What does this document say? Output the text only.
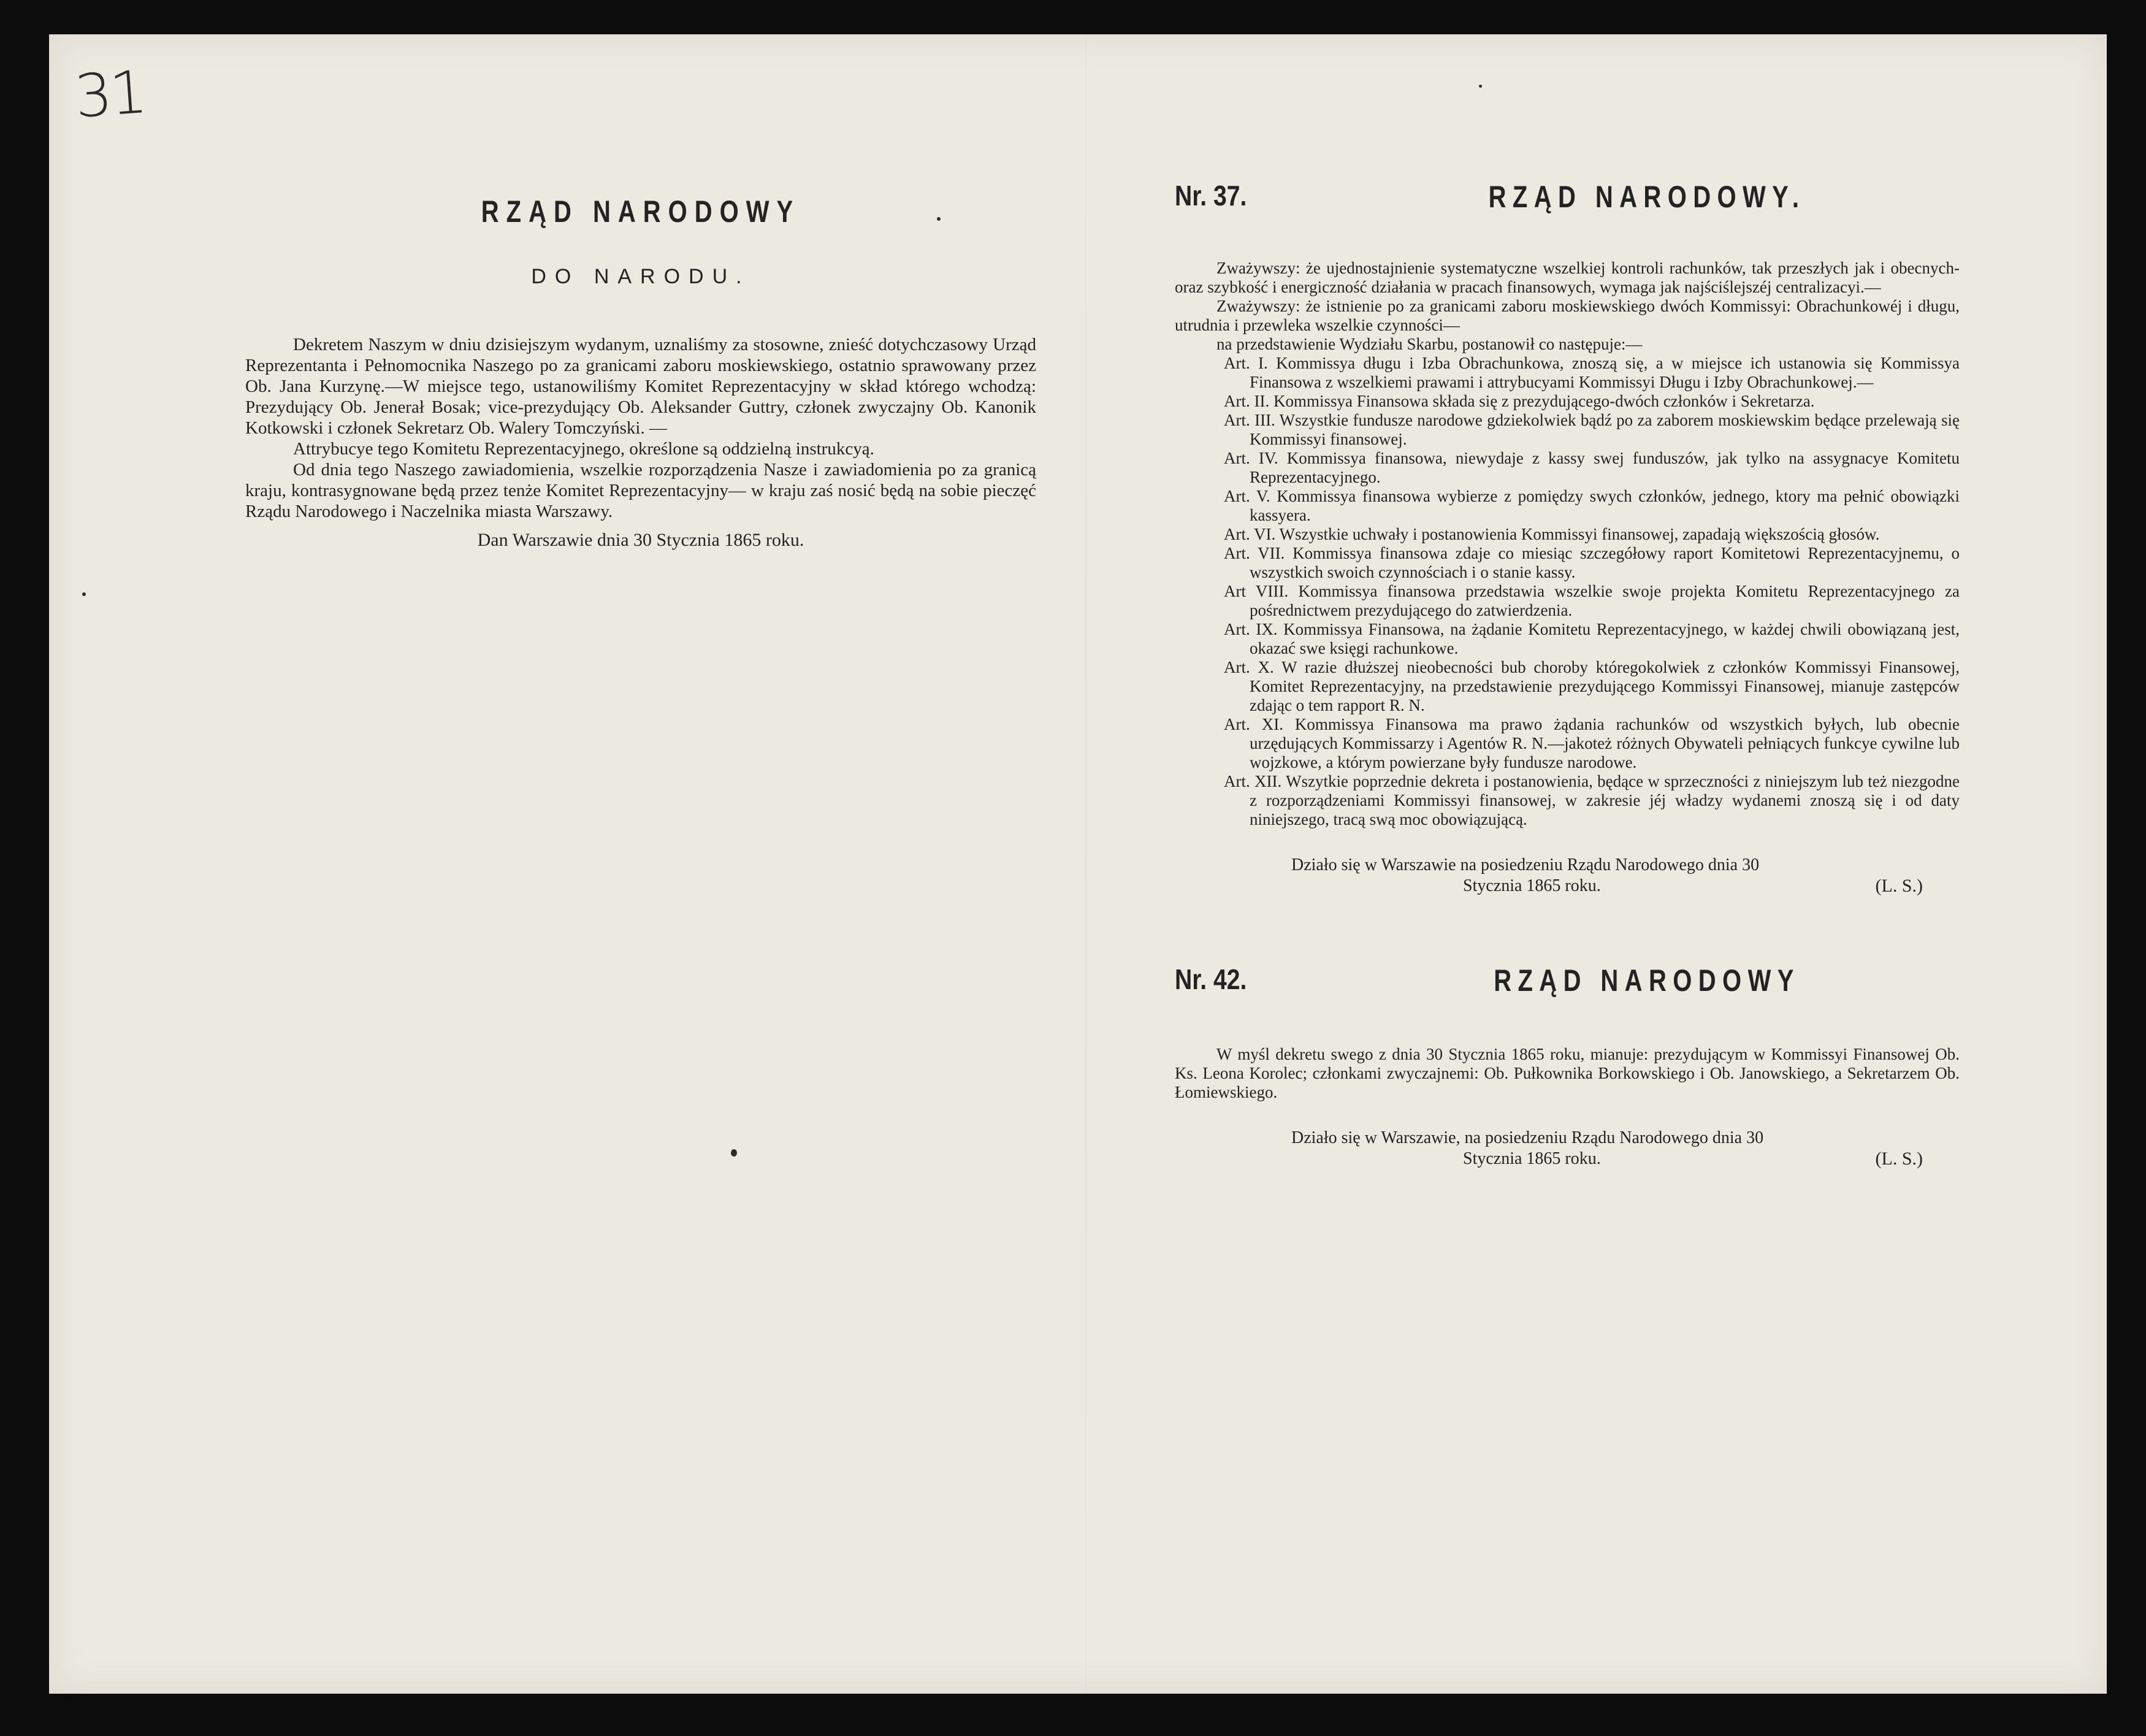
31
RZĄD NARODOWY
DO NARODU.

Dekretem Naszym w dniu dzisiejszym wydanym, uznaliśmy za stosowne, znieść dotychczasowy Urząd Reprezentanta i Pełnomocnika Naszego po za granicami zaboru moskiewskiego, ostatnio sprawowany przez Ob. Jana Kurzynę.—W miejsce tego, ustanowiliśmy Komitet Reprezentacyjny w skład którego wchodzą: Prezydujący Ob. Jenerał Bosak; vice-prezydujący Ob. Aleksander Guttry, członek zwyczajny Ob. Kanonik Kotkowski i członek Sekretarz Ob. Walery Tomczyński. —

Attrybucye tego Komitetu Reprezentacyjnego, określone są oddzielną instrukcyą.

Od dnia tego Naszego zawiadomienia, wszelkie rozporządzenia Nasze i zawiadomienia po za granicą kraju, kontrasygnowane będą przez tenże Komitet Reprezentacyjny— w kraju zaś nosić będą na sobie pieczęć Rządu Narodowego i Naczelnika miasta Warszawy.

Dan Warszawie dnia 30 Stycznia 1865 roku.

Nr. 37.	RZĄD NARODOWY.

Zważywszy: że ujednostajnienie systematyczne wszelkiej kontroli rachunków, tak przeszłych jak i obecnych-oraz szybkość i energiczność działania w pracach finansowych, wymaga jak najściślejszéj centralizacyi.—

Zważywszy: że istnienie po za granicami zaboru moskiewskiego dwóch Kommissyi: Obrachunkowéj i długu, utrudnia i przewleka wszelkie czynności—

na przedstawienie Wydziału Skarbu, postanowił co następuje:—

Art. I. Kommissya długu i Izba Obrachunkowa, znoszą się, a w miejsce ich ustanowia się Kommissya Finansowa z wszelkiemi prawami i attrybucyami Kommissyi Długu i Izby Obrachunkowej.—

Art. II. Kommissya Finansowa składa się z prezydującego-dwóch członków i Sekretarza.

Art. III. Wszystkie fundusze narodowe gdziekolwiek bądź po za zaborem moskiewskim będące przelewają się Kommissyi finansowej.

Art. IV. Kommissya finansowa, niewydaje z kassy swej funduszów, jak tylko na assygnacye Komitetu Reprezentacyjnego.

Art. V. Kommissya finansowa wybierze z pomiędzy swych członków, jednego, ktory ma pełnić obowiązki kassyera.

Art. VI. Wszystkie uchwały i postanowienia Kommissyi finansowej, zapadają większością głosów.

Art. VII. Kommissya finansowa zdaje co miesiąc szczegółowy raport Komitetowi Reprezentacyjnemu, o wszystkich swoich czynnościach i o stanie kassy.

Art VIII. Kommissya finansowa przedstawia wszelkie swoje projekta Komitetu Reprezentacyjnego za pośrednictwem prezydującego do zatwierdzenia.

Art. IX. Kommissya Finansowa, na żądanie Komitetu Reprezentacyjnego, w każdej chwili obowiązaną jest, okazać swe księgi rachunkowe.

Art. X. W razie dłuższej nieobecności bub choroby któregokolwiek z członków Kommissyi Finansowej, Komitet Reprezentacyjny, na przedstawienie prezydującego Kommissyi Finansowej, mianuje zastępców zdając o tem rapport R. N.

Art. XI. Kommissya Finansowa ma prawo żądania rachunków od wszystkich byłych, lub obecnie urzędujących Kommissarzy i Agentów R. N.—jakoteż różnych Obywateli pełniących funkcye cywilne lub wojzkowe, a którym powierzane były fundusze narodowe.

Art. XII. Wszytkie poprzednie dekreta i postanowienia, będące w sprzeczności z niniejszym lub też niezgodne z rozporządzeniami Kommissyi finansowej, w zakresie jéj władzy wydanemi znoszą się i od daty niniejszego, tracą swą moc obowiązującą.

Działo się w Warszawie na posiedzeniu Rządu Narodowego dnia 30
Stycznia 1865 roku.	(L. S.)
Nr. 42.	RZĄD NARODOWY

W myśl dekretu swego z dnia 30 Stycznia 1865 roku, mianuje: prezydującym w Kommissyi Finansowej Ob. Ks. Leona Korolec; członkami zwyczajnemi: Ob. Pułkownika Borkowskiego i Ob. Janowskiego, a Sekretarzem Ob. Łomiewskiego.

Działo się w Warszawie, na posiedzeniu Rządu Narodowego dnia 30
Stycznia 1865 roku.	(L. S.)
